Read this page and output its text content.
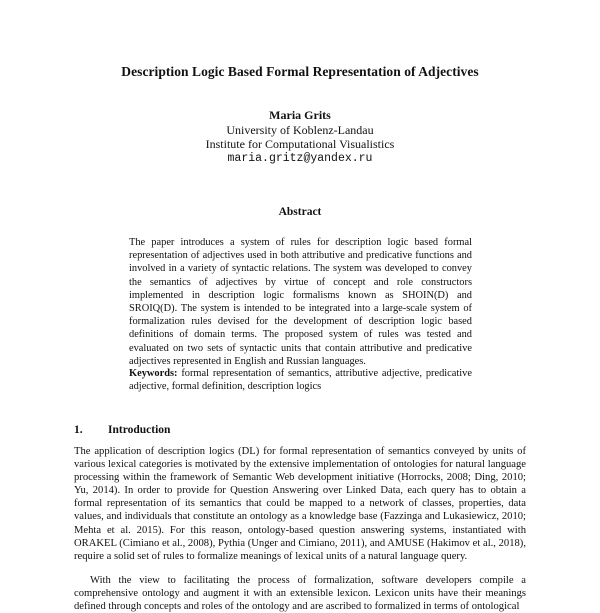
Description Logic Based Formal Representation of Adjectives
Maria Grits
University of Koblenz-Landau
Institute for Computational Visualistics
maria.gritz@yandex.ru
Abstract

The paper introduces a system of rules for description logic based formal representation of adjectives used in both attributive and predicative functions and involved in a variety of syntactic relations. The system was developed to convey the semantics of adjectives by virtue of concept and role constructors implemented in description logic formalisms known as SHOIN(D) and SROIQ(D). The system is intended to be integrated into a large-scale system of formalization rules devised for the development of description logic based definitions of domain terms. The proposed system of rules was tested and evaluated on two sets of syntactic units that contain attributive and predicative adjectives represented in English and Russian languages.

Keywords: formal representation of semantics, attributive adjective, predicative adjective, formal definition, description logics

1. Introduction

The application of description logics (DL) for formal representation of semantics conveyed by units of various lexical categories is motivated by the extensive implementation of ontologies for natural language processing within the framework of Semantic Web development initiative (Horrocks, 2008; Ding, 2010; Yu, 2014). In order to provide for Question Answering over Linked Data, each query has to obtain a formal representation of its semantics that could be mapped to a network of classes, properties, data values, and individuals that constitute an ontology as a knowledge base (Fazzinga and Lukasiewicz, 2010; Mehta et al. 2015). For this reason, ontology-based question answering systems, instantiated with ORAKEL (Cimiano et al., 2008), Pythia (Unger and Cimiano, 2011), and AMUSE (Hakimov et al., 2018), require a solid set of rules to formalize meanings of lexical units of a natural language query.

With the view to facilitating the process of formalization, software developers compile a comprehensive ontology and augment it with an extensible lexicon. Lexicon units have their meanings defined through concepts and roles of the ontology and are ascribed to formalized in terms of ontological
